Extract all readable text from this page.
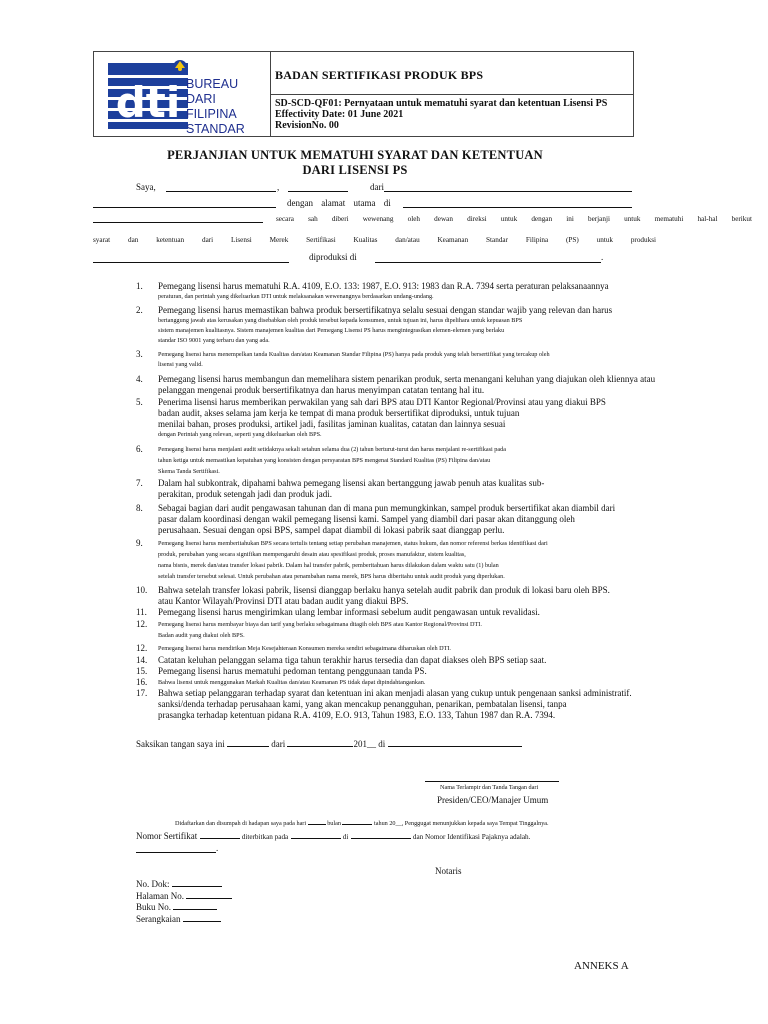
dti BUREAU DARI
FILIPINA
STANDAR
BADAN SERTIFIKASI PRODUK BPS
SD-SCD-QF01: Pernyataan untuk mematuhi syarat dan ketentuan Lisensi PS
Effectivity Date: 01 June 2021
RevisionNo. 00
PERJANJIAN UNTUK MEMATUHI SYARAT DAN KETENTUAN
DARI LISENSI PS
Saya,	,	dari
dengan alamat utama di
secara sah diberi wewenang oleh dewan direksi untuk dengan ini berjanji untuk mematuhi hal-hal berikut
syarat dan ketentuan dari Lisensi Merek Sertifikasi Kualitas dan/atau Keamanan Standar Filipina (PS) untuk produksi
diproduksi di	.
1. Pemegang lisensi harus mematuhi R.A. 4109, E.O. 133: 1987, E.O. 913: 1983 dan R.A. 7394 serta peraturan pelaksanaannya
peraturan, dan perintah yang dikeluarkan DTI untuk melaksanakan wewenangnya berdasarkan undang-undang.
2. Pemegang lisensi harus memastikan bahwa produk bersertifikatnya selalu sesuai dengan standar wajib yang relevan dan harus
bertanggung jawab atas kerusakan yang disebabkan oleh produk tersebut kepada konsumen, untuk tujuan ini, harus dipelihara untuk kepuasan BPS
sistem manajemen kualitasnya. Sistem manajemen kualitas dari Pemegang Lisensi PS harus mengintegrasikan elemen-elemen yang berlaku
standar ISO 9001 yang terbaru dan yang ada.
3. Pemegang lisensi harus menempelkan tanda Kualitas dan/atau Keamanan Standar Filipina (PS) hanya pada produk yang telah bersertifikat yang tercakup oleh
lisensi yang valid.
4. Pemegang lisensi harus membangun dan memelihara sistem penarikan produk, serta menangani keluhan yang diajukan oleh kliennya atau
pelanggan mengenai produk bersertifikatnya dan harus menyimpan catatan tentang hal itu.
5. Penerima lisensi harus memberikan perwakilan yang sah dari BPS atau DTI Kantor Regional/Provinsi atau yang diakui BPS
badan audit, akses selama jam kerja ke tempat di mana produk bersertifikat diproduksi, untuk tujuan
menilai bahan, proses produksi, artikel jadi, fasilitas jaminan kualitas, catatan dan lainnya sesuai
dengan Perintah yang relevan, seperti yang dikeluarkan oleh BPS.
6. Pemegang lisensi harus menjalani audit setidaknya sekali setahun selama dua (2) tahun berturut-turut dan harus menjalani re-sertifikasi pada
tahun ketiga untuk memastikan kepatuhan yang konsisten dengan persyaratan BPS mengenai Standard Kualitas (PS) Filipina dan/atau
Skema Tanda Sertifikasi.
7. Dalam hal subkontrak, dipahami bahwa pemegang lisensi akan bertanggung jawab penuh atas kualitas sub-
perakitan, produk setengah jadi dan produk jadi.
8. Sebagai bagian dari audit pengawasan tahunan dan di mana pun memungkinkan, sampel produk bersertifikat akan diambil dari
pasar dalam koordinasi dengan wakil pemegang lisensi kami. Sampel yang diambil dari pasar akan ditanggung oleh
perusahaan. Sesuai dengan opsi BPS, sampel dapat diambil di lokasi pabrik saat dianggap perlu.
9. Pemegang lisensi harus memberitahukan BPS secara tertulis tentang setiap perubahan manajemen, status hukum, dan nomor referensi berkas identifikasi dari
produk, perubahan yang secara signifikan mempengaruhi desain atau spesifikasi produk, proses manufaktur, sistem kualitas,
nama bisnis, merek dan/atau transfer lokasi pabrik. Dalam hal transfer pabrik, pemberitahuan harus dilakukan dalam waktu satu (1) bulan
setelah transfer tersebut selesai. Untuk perubahan atau penambahan nama merek, BPS harus diberitahu untuk audit produk yang diperlukan.
10. Bahwa setelah transfer lokasi pabrik, lisensi dianggap berlaku hanya setelah audit pabrik dan produk di lokasi baru oleh BPS.
atau Kantor Wilayah/Provinsi DTI atau badan audit yang diakui BPS.
11. Pemegang lisensi harus mengirimkan ulang lembar informasi sebelum audit pengawasan untuk revalidasi.
12. Pemegang lisensi harus membayar biaya dan tarif yang berlaku sebagaimana ditagih oleh BPS atau Kantor Regional/Provinsi DTI.
Badan audit yang diakui oleh BPS.
12. Pemegang lisensi harus mendirikan Meja Kesejahteraan Konsumen mereka sendiri sebagaimana diharuskan oleh DTI.
14. Catatan keluhan pelanggan selama tiga tahun terakhir harus tersedia dan dapat diakses oleh BPS setiap saat.
15. Pemegang lisensi harus mematuhi pedoman tentang penggunaan tanda PS.
16. Bahwa lisensi untuk menggunakan Markah Kualitas dan/atau Keamanan PS tidak dapat dipindahtangankan.
17. Bahwa setiap pelanggaran terhadap syarat dan ketentuan ini akan menjadi alasan yang cukup untuk pengenaan sanksi administratif.
sanksi/denda terhadap perusahaan kami, yang akan mencakup penangguhan, penarikan, pembatalan lisensi, tanpa
prasangka terhadap ketentuan pidana R.A. 4109, E.O. 913, Tahun 1983, E.O. 133, Tahun 1987 dan R.A. 7394.
Saksikan tangan saya ini	dari	201__ di
Nama Terlampir dan Tanda Tangan dari
Presiden/CEO/Manajer Umum
Didaftarkan dan disumpah di hadapan saya pada hari	bulan	tahun 20__, Penggugat menunjukkan kepada saya Tempat Tinggalnya.
Nomor Sertifikat	diterbitkan pada	di	dan Nomor Identifikasi Pajaknya adalah.
.
Notaris
No. Dok:
Halaman No.
Buku No.
Serangkaian
ANNEKS A
